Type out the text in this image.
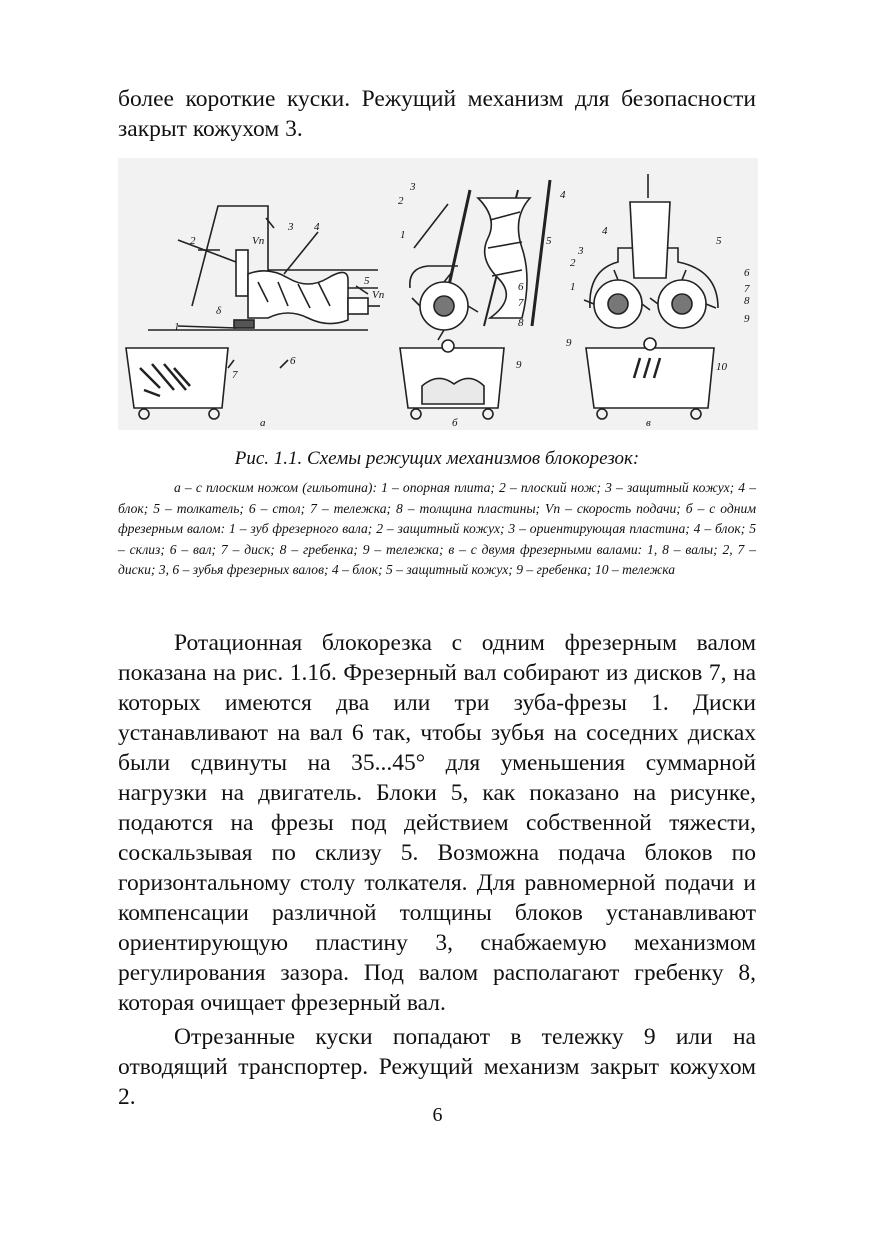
более короткие куски. Режущий механизм для безопасности закрыт кожухом 3.

а	б	в
1
2
3 4
5
6
7
δ
Vп
Vп
1
2
3
4
5
6
7
8
9
1
2
3
4
5
6
7
8
9
9
10

Рис. 1.1. Схемы режущих механизмов блокорезок:

а – с плоским ножом (гильотина): 1 – опорная плита; 2 – плоский нож; 3 – защитный кожух; 4 – блок; 5 – толкатель; 6 – стол; 7 – тележка; 8 – толщина пластины; Vп – скорость подачи; б – с одним фрезерным валом: 1 – зуб фрезерного вала; 2 – защитный кожух; 3 – ориентирующая пластина; 4 – блок; 5 – склиз; 6 – вал; 7 – диск; 8 – гребенка; 9 – тележка; в – с двумя фрезерными валами: 1, 8 – валы; 2, 7 – диски; 3, 6 – зубья фрезерных валов; 4 – блок; 5 – защитный кожух; 9 – гребенка; 10 – тележка

Ротационная блокорезка с одним фрезерным валом показана на рис. 1.1б. Фрезерный вал собирают из дисков 7, на которых имеются два или три зуба-фрезы 1. Диски устанавливают на вал 6 так, чтобы зубья на соседних дисках были сдвинуты на 35...45° для уменьшения суммарной нагрузки на двигатель. Блоки 5, как показано на рисунке, подаются на фрезы под действием собственной тяжести, соскальзывая по склизу 5. Возможна подача блоков по горизонтальному столу толкателя. Для равномерной подачи и компенсации различной толщины блоков устанавливают ориентирующую пластину 3, снабжаемую механизмом регулирования зазора. Под валом располагают гребенку 8, которая очищает фрезерный вал.

Отрезанные куски попадают в тележку 9 или на отводящий транспортер. Режущий механизм закрыт кожухом 2.

6
